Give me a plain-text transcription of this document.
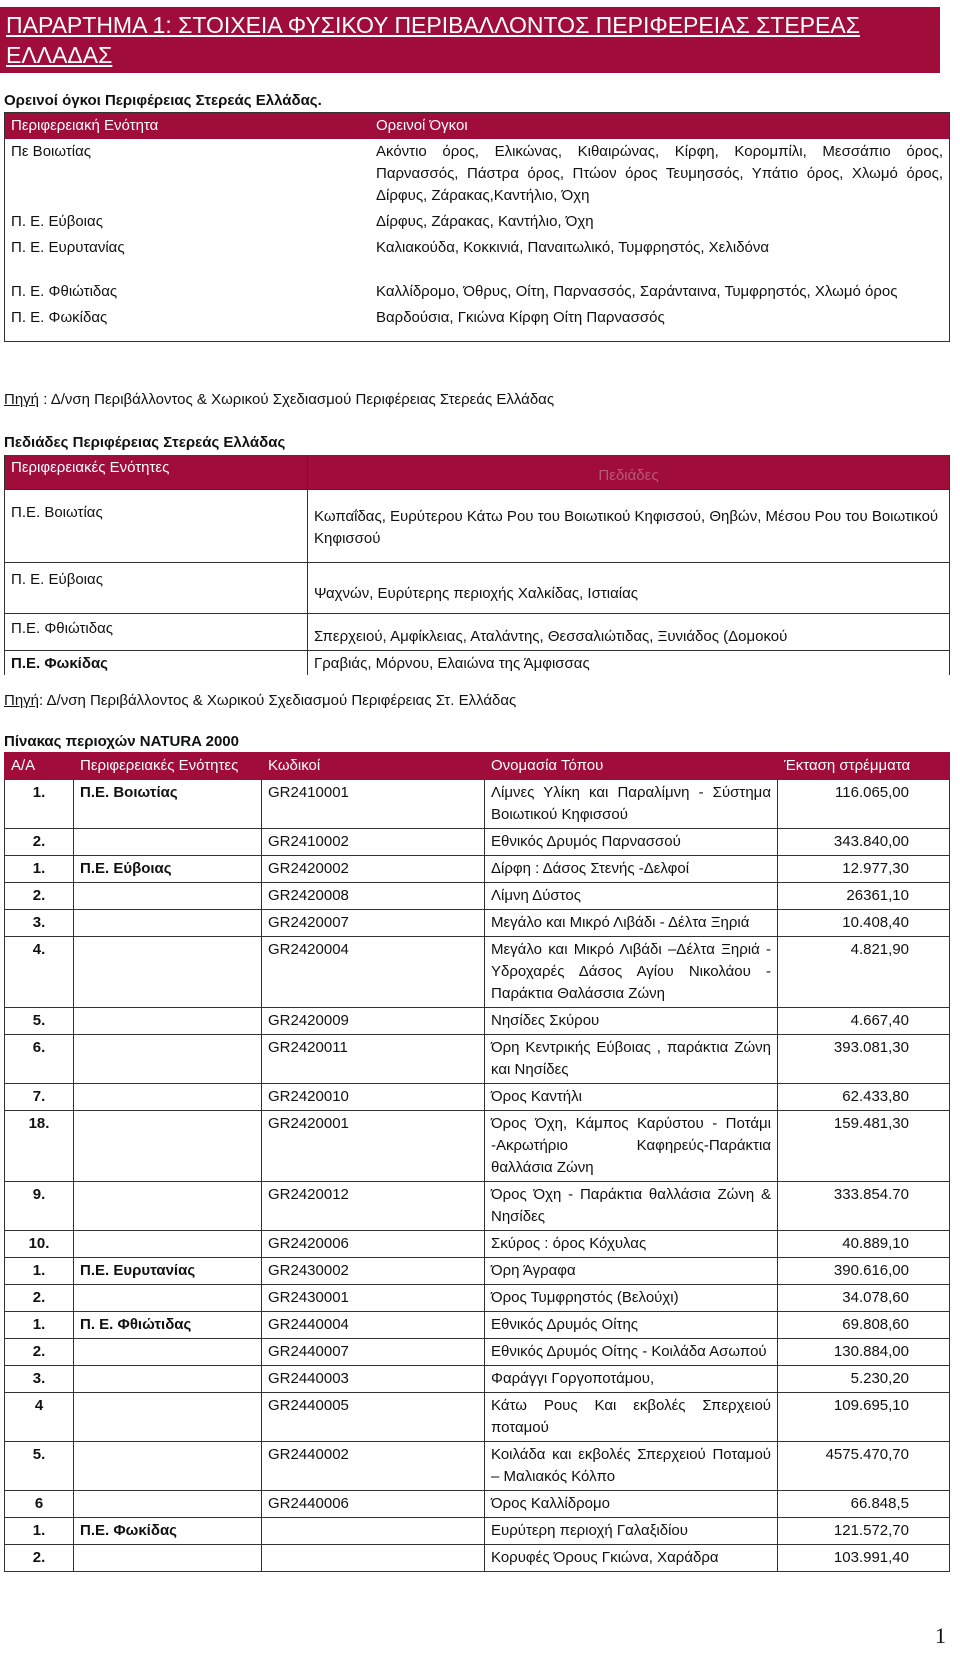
ΠΑΡΑΡΤΗΜΑ 1: ΣΤΟΙΧΕΙΑ ΦΥΣΙΚΟΥ ΠΕΡΙΒΑΛΛΟΝΤΟΣ ΠΕΡΙΦΕΡΕΙΑΣ ΣΤΕΡΕΑΣ ΕΛΛΑΔΑΣ
Ορεινοί όγκοι Περιφέρειας Στερεάς Ελλάδας.
Περιφερειακή Ενότητα	Ορεινοί Όγκοι
Πε Βοιωτίας	Ακόντιο όρος, Ελικώνας, Κιθαιρώνας, Κίρφη, Κορομπίλι, Μεσσάπιο όρος, Παρνασσός, Πάστρα όρος, Πτώον όρος Τευμησσός, Υπάτιο όρος, Χλωμό όρος, Δίρφυς, Ζάρακας,Καντήλιο, Όχη
Π. Ε. Εύβοιας	Δίρφυς, Ζάρακας, Καντήλιο, Όχη
Π. Ε. Ευρυτανίας	Καλιακούδα, Κοκκινιά, Παναιτωλικό, Τυμφρηστός, Χελιδόνα
Π. Ε. Φθιώτιδας	Καλλίδρομο, Όθρυς, Οίτη, Παρνασσός, Σαράνταινα, Τυμφρηστός, Χλωμό όρος
Π. Ε. Φωκίδας	Βαρδούσια, Γκιώνα Κίρφη Οίτη Παρνασσός
Πηγή : Δ/νση Περιβάλλοντος & Χωρικού Σχεδιασμού Περιφέρειας Στερεάς Ελλάδας
Πεδιάδες Περιφέρειας Στερεάς Ελλάδας
Περιφερειακές Ενότητες	Πεδιάδες
Π.Ε. Βοιωτίας	Κωπαΐδας, Ευρύτερου Κάτω Ρου του Βοιωτικού Κηφισσού, Θηβών, Μέσου Ρου του Βοιωτικού Κηφισσού
Π. Ε. Εύβοιας	Ψαχνών, Ευρύτερης περιοχής Χαλκίδας, Ιστιαίας
Π.Ε. Φθιώτιδας	Σπερχειού, Αμφίκλειας, Αταλάντης, Θεσσαλιώτιδας, Ξυνιάδος (Δομοκού
Π.Ε. Φωκίδας	Γραβιάς, Μόρνου, Ελαιώνα της Άμφισσας
Πηγή: Δ/νση Περιβάλλοντος & Χωρικού Σχεδιασμού Περιφέρειας Στ. Ελλάδας
Πίνακας περιοχών NATURA 2000
Α/Α	Περιφερειακές Ενότητες	Κωδικοί	Ονομασία Τόπου	Έκταση στρέμματα
1.	Π.Ε. Βοιωτίας	GR2410001	Λίμνες Υλίκη και Παραλίμνη - Σύστημα Βοιωτικού Κηφισσού	116.065,00
2.		GR2410002	Εθνικός Δρυμός Παρνασσού	343.840,00
1.	Π.Ε. Εύβοιας	GR2420002	Δίρφη : Δάσος Στενής -Δελφοί	12.977,30
2.		GR2420008	Λίμνη Δύστος	26361,10
3.		GR2420007	Μεγάλο και Μικρό Λιβάδι - Δέλτα Ξηριά	10.408,40
4.		GR2420004	Μεγάλο και Μικρό Λιβάδι –Δέλτα Ξηριά - Υδροχαρές Δάσος Αγίου Νικολάου - Παράκτια Θαλάσσια Ζώνη	4.821,90
5.		GR2420009	Νησίδες Σκύρου	4.667,40
6.		GR2420011	Όρη Κεντρικής Εύβοιας , παράκτια Ζώνη και Νησίδες	393.081,30
7.		GR2420010	Όρος Καντήλι	62.433,80
18.		GR2420001	Όρος Όχη, Κάμπος Καρύστου - Ποτάμι -Ακρωτήριο Καφηρεύς-Παράκτια θαλλάσια Ζώνη	159.481,30
9.		GR2420012	Όρος Όχη - Παράκτια θαλλάσια Ζώνη & Νησίδες	333.854.70
10.		GR2420006	Σκύρος : όρος Κόχυλας	40.889,10
1.	Π.Ε. Ευρυτανίας	GR2430002	Όρη Άγραφα	390.616,00
2.		GR2430001	Όρος Τυμφρηστός (Βελούχι)	34.078,60
1.	Π. Ε. Φθιώτιδας	GR2440004	Εθνικός Δρυμός Οίτης	69.808,60
2.		GR2440007	Εθνικός Δρυμός Οίτης - Κοιλάδα Ασωπού	130.884,00
3.		GR2440003	Φαράγγι Γοργοποτάμου,	5.230,20
4		GR2440005	Κάτω Ρους Και εκβολές Σπερχειού ποταμού	109.695,10
5.		GR2440002	Κοιλάδα και εκβολές Σπερχειού Ποταμού – Μαλιακός Κόλπο	4575.470,70
6		GR2440006	Όρος Καλλίδρομο	66.848,5
1.	Π.Ε. Φωκίδας		Ευρύτερη περιοχή Γαλαξιδίου	121.572,70
2.			Κορυφές Όρους Γκιώνα, Χαράδρα	103.991,40
1
